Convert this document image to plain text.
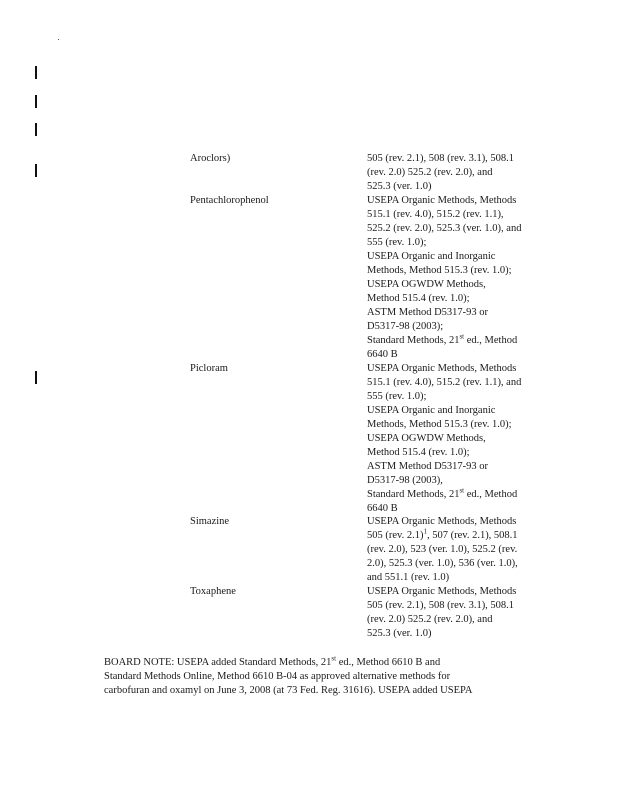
Aroclors)	505 (rev. 2.1), 508 (rev. 3.1), 508.1
(rev. 2.0) 525.2 (rev. 2.0), and
525.3 (ver. 1.0)
Pentachlorophenol	USEPA Organic Methods, Methods
515.1 (rev. 4.0), 515.2 (rev. 1.1),
525.2 (rev. 2.0), 525.3 (ver. 1.0), and
555 (rev. 1.0);
USEPA Organic and Inorganic
Methods, Method 515.3 (rev. 1.0);
USEPA OGWDW Methods,
Method 515.4 (rev. 1.0);
ASTM Method D5317-93 or
D5317-98 (2003);
Standard Methods, 21st ed., Method
6640 B
Picloram	USEPA Organic Methods, Methods
515.1 (rev. 4.0), 515.2 (rev. 1.1), and
555 (rev. 1.0);
USEPA Organic and Inorganic
Methods, Method 515.3 (rev. 1.0);
USEPA OGWDW Methods,
Method 515.4 (rev. 1.0);
ASTM Method D5317-93 or
D5317-98 (2003),
Standard Methods, 21st ed., Method
6640 B
Simazine	USEPA Organic Methods, Methods
505 (rev. 2.1)$^1$, 507 (rev. 2.1), 508.1
(rev. 2.0), 523 (ver. 1.0), 525.2 (rev.
2.0), 525.3 (ver. 1.0), 536 (ver. 1.0),
and 551.1 (rev. 1.0)
Toxaphene	USEPA Organic Methods, Methods
505 (rev. 2.1), 508 (rev. 3.1), 508.1
(rev. 2.0) 525.2 (rev. 2.0), and
525.3 (ver. 1.0)
BOARD NOTE: USEPA added Standard Methods, 21st ed., Method 6610 B and
Standard Methods Online, Method 6610 B-04 as approved alternative methods for
carbofuran and oxamyl on June 3, 2008 (at 73 Fed. Reg. 31616). USEPA added USEPA
